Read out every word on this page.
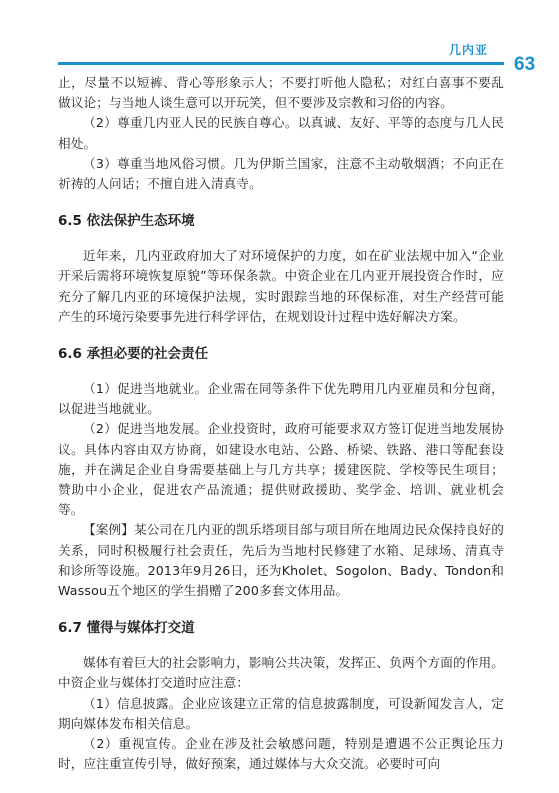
几内亚
63

止，尽量不以短裤、背心等形象示人；不要打听他人隐私；对红白喜事不要乱做议论；与当地人谈生意可以开玩笑，但不要涉及宗教和习俗的内容。

（2）尊重几内亚人民的民族自尊心。以真诚、友好、平等的态度与几人民相处。

（3）尊重当地风俗习惯。几为伊斯兰国家，注意不主动敬烟酒；不向正在祈祷的人问话；不擅自进入清真寺。

6.5 依法保护生态环境

近年来，几内亚政府加大了对环境保护的力度，如在矿业法规中加入“企业开采后需将环境恢复原貌”等环保条款。中资企业在几内亚开展投资合作时，应充分了解几内亚的环境保护法规，实时跟踪当地的环保标准，对生产经营可能产生的环境污染要事先进行科学评估，在规划设计过程中选好解决方案。

6.6 承担必要的社会责任

（1）促进当地就业。企业需在同等条件下优先聘用几内亚雇员和分包商，以促进当地就业。

（2）促进当地发展。企业投资时，政府可能要求双方签订促进当地发展协议。具体内容由双方协商，如建设水电站、公路、桥梁、铁路、港口等配套设施，并在满足企业自身需要基础上与几方共享；援建医院、学校等民生项目；赞助中小企业，促进农产品流通；提供财政援助、奖学金、培训、就业机会等。

【案例】某公司在几内亚的凯乐塔项目部与项目所在地周边民众保持良好的关系，同时积极履行社会责任，先后为当地村民修建了水箱、足球场、清真寺和诊所等设施。2013年9月26日，还为Kholet、Sogolon、Bady、Tondon和Wassou五个地区的学生捐赠了200多套文体用品。

6.7 懂得与媒体打交道

媒体有着巨大的社会影响力，影响公共决策，发挥正、负两个方面的作用。中资企业与媒体打交道时应注意：

（1）信息披露。企业应该建立正常的信息披露制度，可设新闻发言人，定期向媒体发布相关信息。

（2）重视宣传。企业在涉及社会敏感问题，特别是遭遇不公正舆论压力时，应注重宣传引导，做好预案，通过媒体与大众交流。必要时可向
